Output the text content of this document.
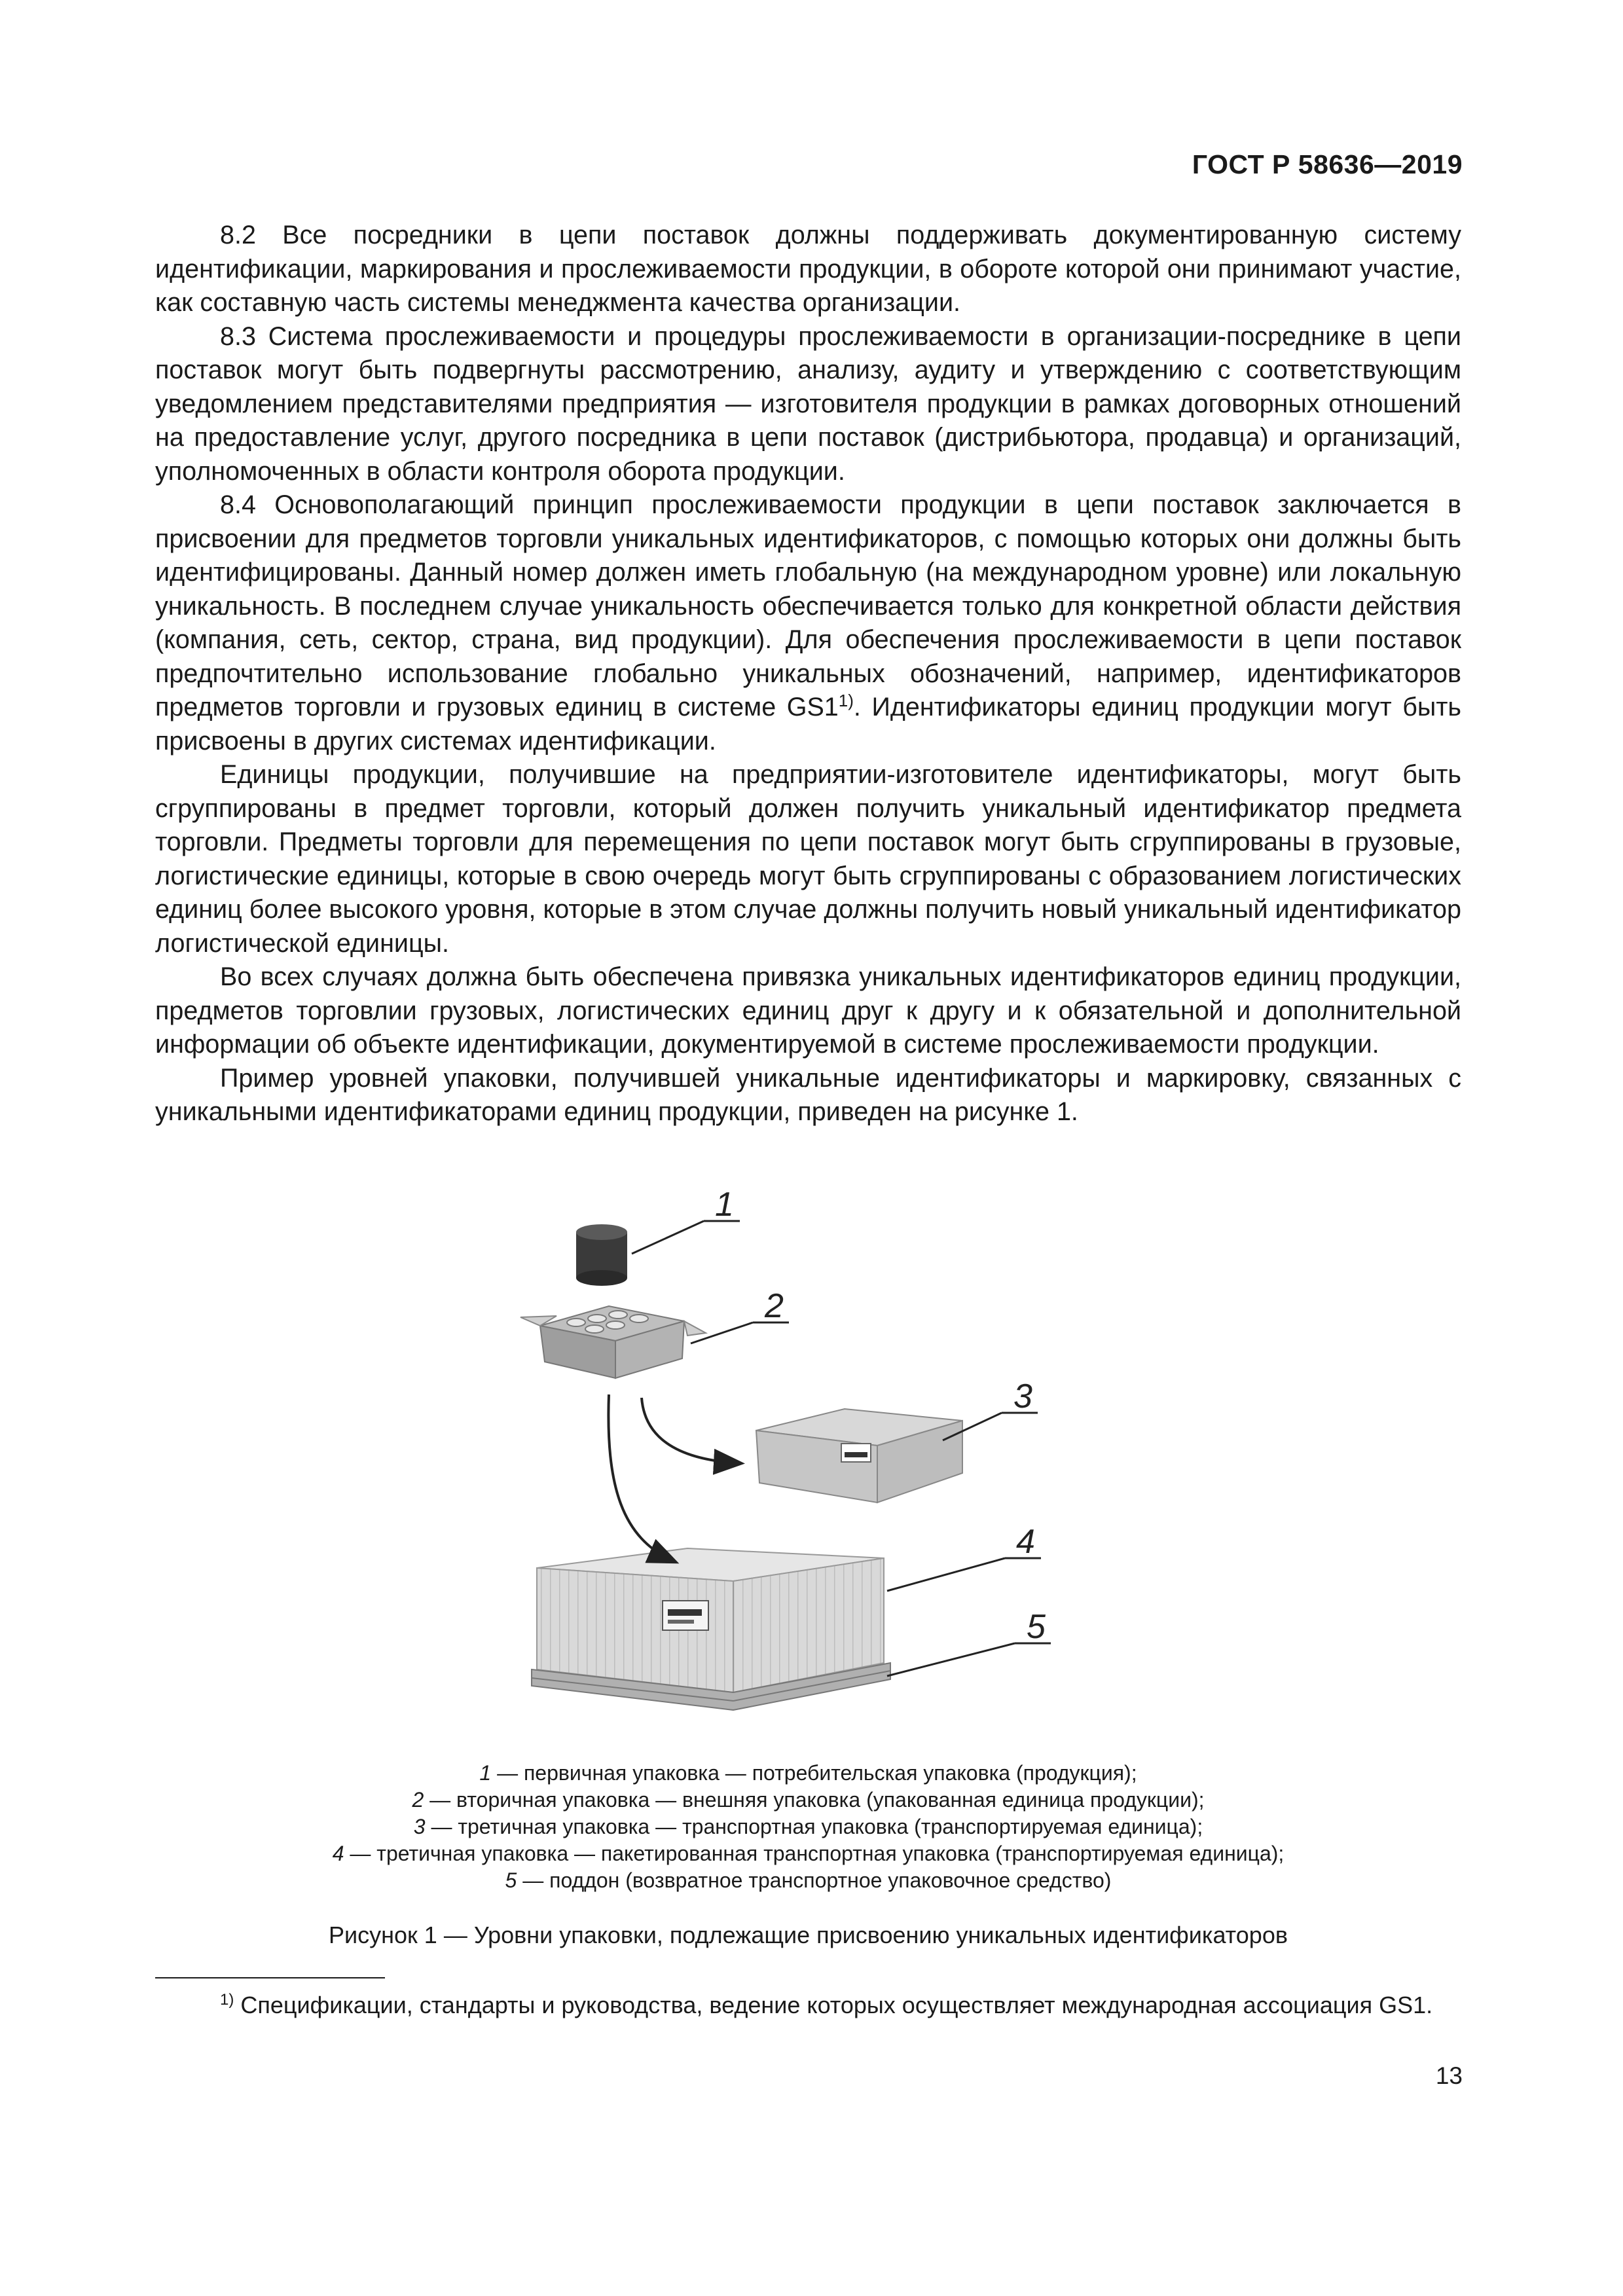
ГОСТ Р 58636—2019

8.2 Все посредники в цепи поставок должны поддерживать документированную систему идентификации, маркирования и прослеживаемости продукции, в обороте которой они принимают участие, как составную часть системы менеджмента качества организации.

8.3 Система прослеживаемости и процедуры прослеживаемости в организации-посреднике в цепи поставок могут быть подвергнуты рассмотрению, анализу, аудиту и утверждению с соответствующим уведомлением представителями предприятия — изготовителя продукции в рамках договорных отношений на предоставление услуг, другого посредника в цепи поставок (дистрибьютора, продавца) и организаций, уполномоченных в области контроля оборота продукции.

8.4 Основополагающий принцип прослеживаемости продукции в цепи поставок заключается в присвоении для предметов торговли уникальных идентификаторов, с помощью которых они должны быть идентифицированы. Данный номер должен иметь глобальную (на международном уровне) или локальную уникальность. В последнем случае уникальность обеспечивается только для конкретной области действия (компания, сеть, сектор, страна, вид продукции). Для обеспечения прослеживаемости в цепи поставок предпочтительно использование глобально уникальных обозначений, например, идентификаторов предметов торговли и грузовых единиц в системе GS1$^{1)}$. Идентификаторы единиц продукции могут быть присвоены в других системах идентификации.

Единицы продукции, получившие на предприятии-изготовителе идентификаторы, могут быть сгруппированы в предмет торговли, который должен получить уникальный идентификатор предмета торговли. Предметы торговли для перемещения по цепи поставок могут быть сгруппированы в грузовые, логистические единицы, которые в свою очередь могут быть сгруппированы с образованием логистических единиц более высокого уровня, которые в этом случае должны получить новый уникальный идентификатор логистической единицы.

Во всех случаях должна быть обеспечена привязка уникальных идентификаторов единиц продукции, предметов торговлии грузовых, логистических единиц друг к другу и к обязательной и дополнительной информации об объекте идентификации, документируемой в системе прослеживаемости продукции.

Пример уровней упаковки, получившей уникальные идентификаторы и маркировку, связанных с уникальными идентификаторами единиц продукции, приведен на рисунке 1.

1
2
3
4
5
1 — первичная упаковка — потребительская упаковка (продукция);
2 — вторичная упаковка — внешняя упаковка (упакованная единица продукции);
3 — третичная упаковка — транспортная упаковка (транспортируемая единица);
4 — третичная упаковка — пакетированная транспортная упаковка (транспортируемая единица);
5 — поддон (возвратное транспортное упаковочное средство)
Рисунок 1 — Уровни упаковки, подлежащие присвоению уникальных идентификаторов
$^{1)}$ Спецификации, стандарты и руководства, ведение которых осуществляет международная ассоциация GS1.
13
